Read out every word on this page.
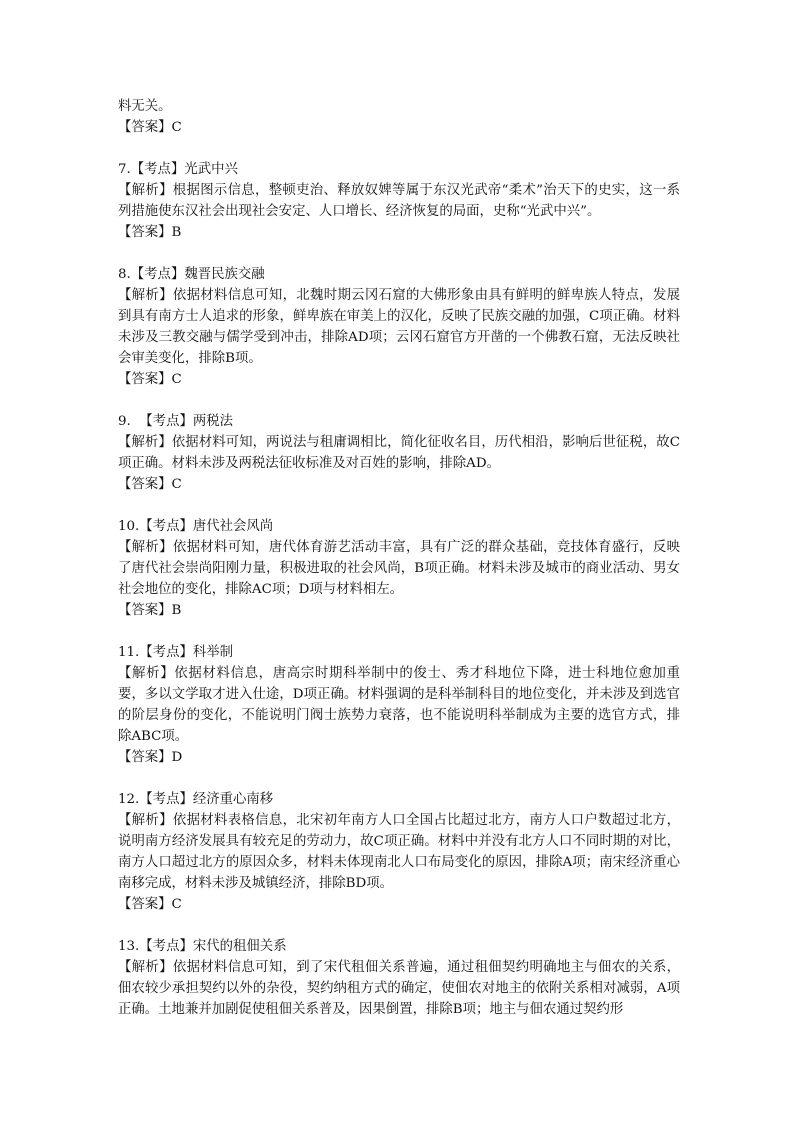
料无关。

【答案】C

7.【考点】光武中兴

【解析】根据图示信息，整顿吏治、释放奴婢等属于东汉光武帝“柔术”治天下的史实，这一系列措施使东汉社会出现社会安定、人口增长、经济恢复的局面，史称“光武中兴”。

【答案】B

8.【考点】魏晋民族交融

【解析】依据材料信息可知，北魏时期云冈石窟的大佛形象由具有鲜明的鲜卑族人特点，发展到具有南方士人追求的形象，鲜卑族在审美上的汉化，反映了民族交融的加强，C项正确。材料未涉及三教交融与儒学受到冲击，排除AD项；云冈石窟官方开凿的一个佛教石窟，无法反映社会审美变化，排除B项。

【答案】C

9.  【考点】两税法

【解析】依据材料可知，两说法与租庸调相比，简化征收名目，历代相沿，影响后世征税，故C项正确。材料未涉及两税法征收标准及对百姓的影响，排除AD。

【答案】C

10.【考点】唐代社会风尚

【解析】依据材料可知，唐代体育游艺活动丰富，具有广泛的群众基础，竞技体育盛行，反映了唐代社会崇尚阳刚力量，积极进取的社会风尚，B项正确。材料未涉及城市的商业活动、男女社会地位的变化，排除AC项；D项与材料相左。

【答案】B

11.【考点】科举制

【解析】依据材料信息，唐高宗时期科举制中的俊士、秀才科地位下降，进士科地位愈加重要，多以文学取才进入仕途，D项正确。材料强调的是科举制科目的地位变化，并未涉及到选官的阶层身份的变化，不能说明门阀士族势力衰落，也不能说明科举制成为主要的选官方式，排除ABC项。

【答案】D

12.【考点】经济重心南移

【解析】依据材料表格信息，北宋初年南方人口全国占比超过北方，南方人口户数超过北方，说明南方经济发展具有较充足的劳动力，故C项正确。材料中并没有北方人口不同时期的对比，南方人口超过北方的原因众多，材料未体现南北人口布局变化的原因，排除A项；南宋经济重心南移完成，材料未涉及城镇经济，排除BD项。

【答案】C

13.【考点】宋代的租佃关系

【解析】依据材料信息可知，到了宋代租佃关系普遍，通过租佃契约明确地主与佃农的关系，佃农较少承担契约以外的杂役，契约纳租方式的确定，使佃农对地主的依附关系相对减弱，A项正确。土地兼并加剧促使租佃关系普及，因果倒置，排除B项；地主与佃农通过契约形
